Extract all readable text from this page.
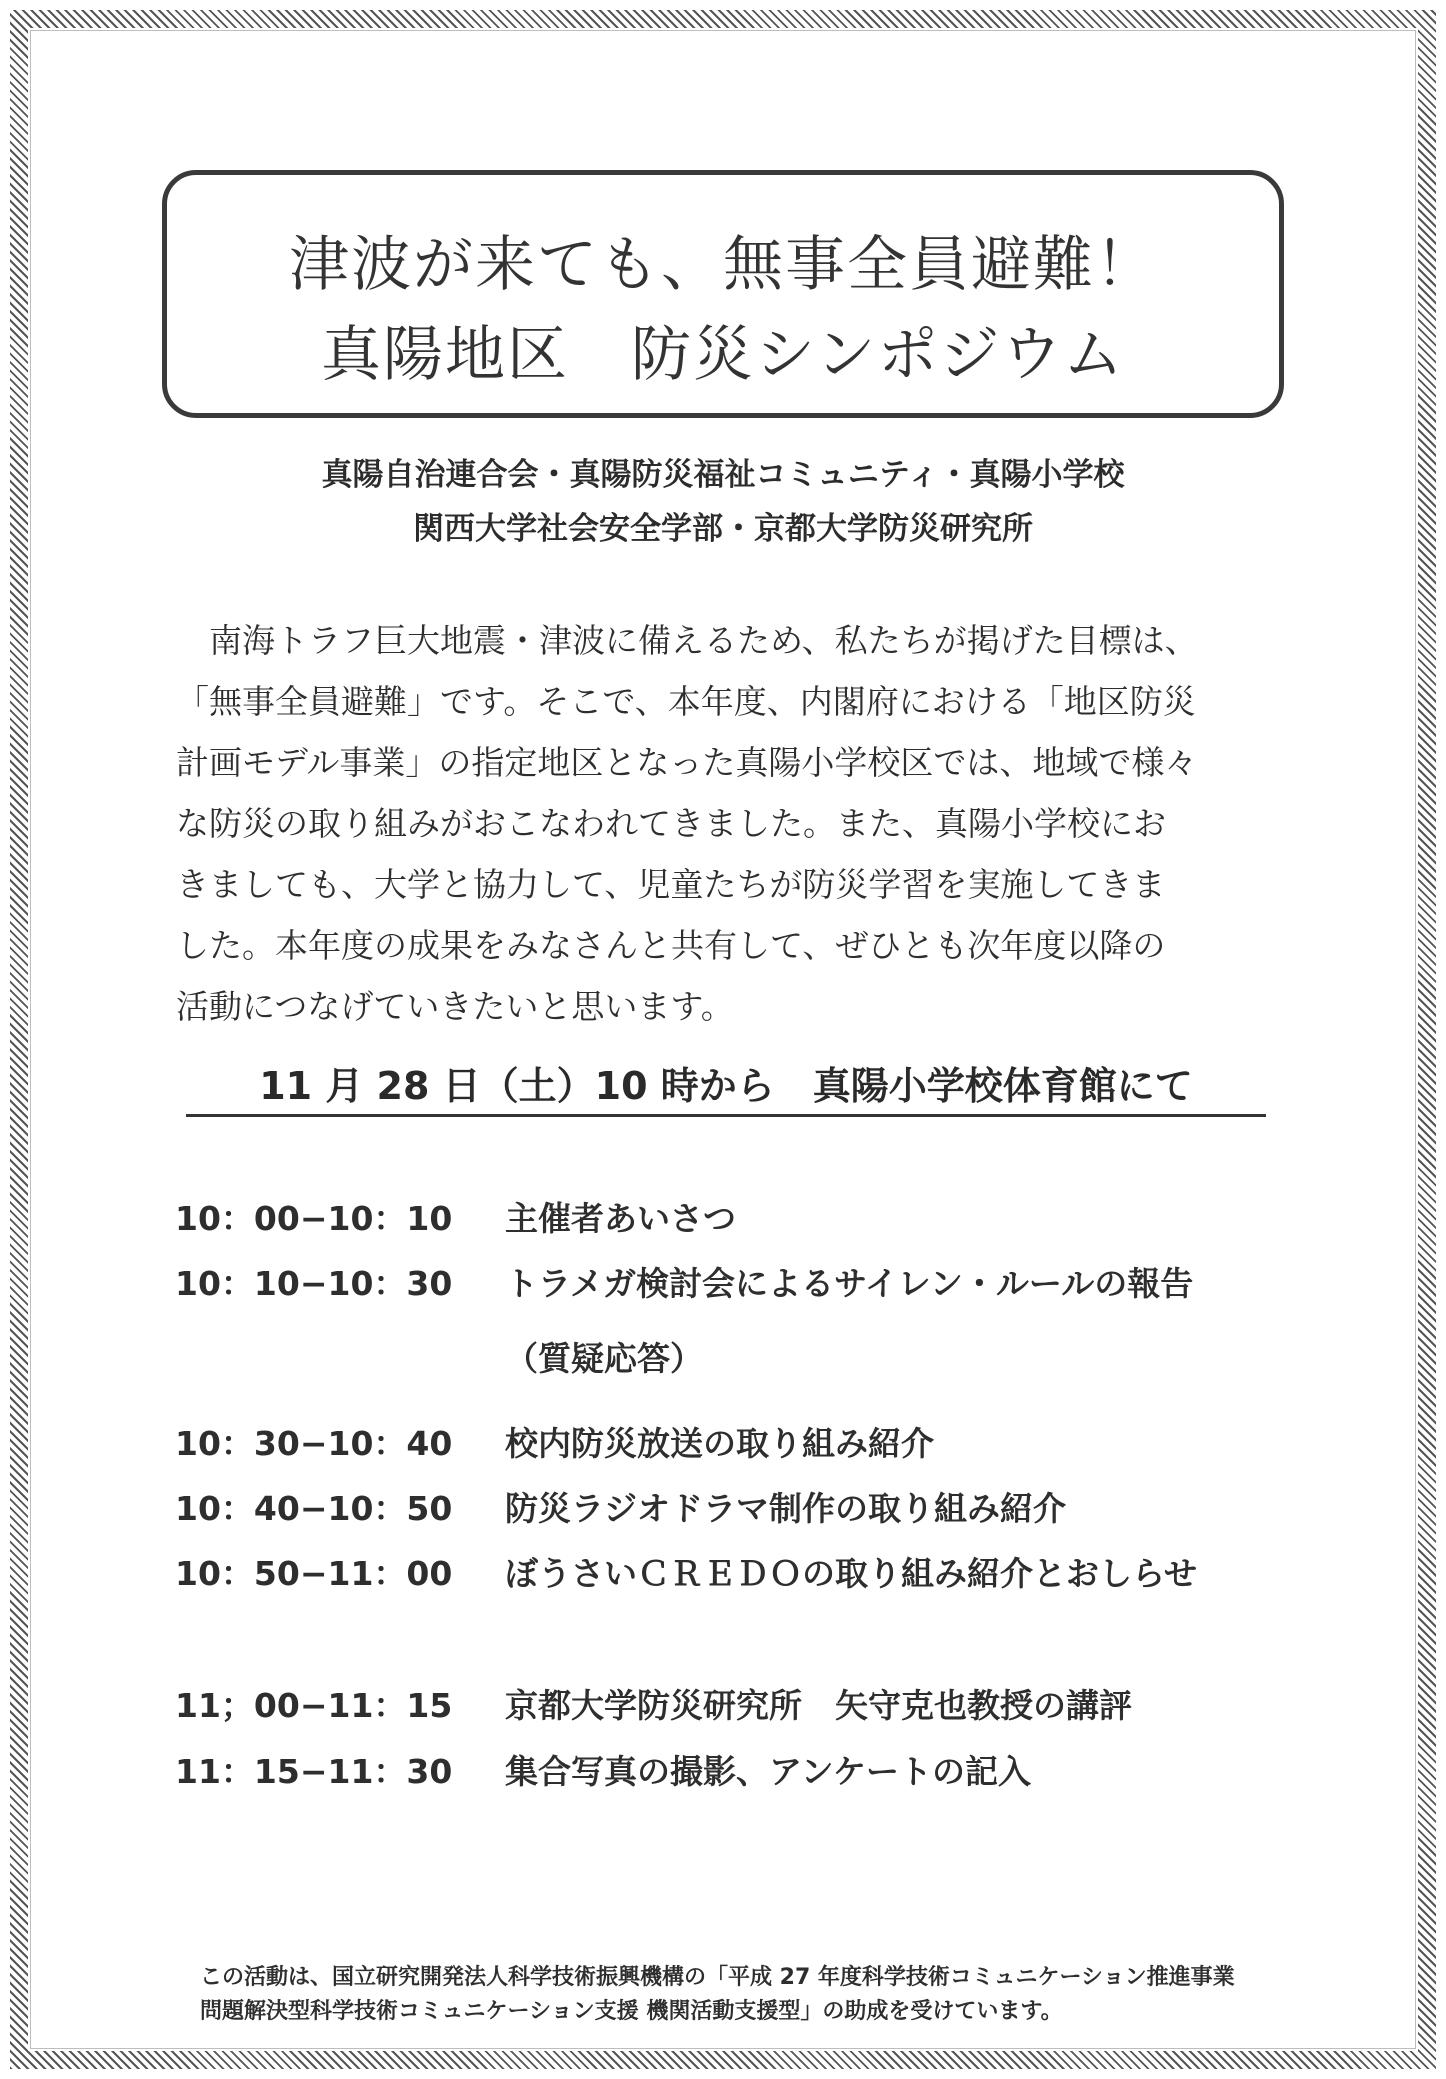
津波が来ても、無事全員避難！
真陽地区　防災シンポジウム
真陽自治連合会・真陽防災福祉コミュニティ・真陽小学校
関西大学社会安全学部・京都大学防災研究所
　南海トラフ巨大地震・津波に備えるため、私たちが掲げた目標は、
「無事全員避難」です。そこで、本年度、内閣府における「地区防災
計画モデル事業」の指定地区となった真陽小学校区では、地域で様々
な防災の取り組みがおこなわれてきました。また、真陽小学校にお
きましても、大学と協力して、児童たちが防災学習を実施してきま
した。本年度の成果をみなさんと共有して、ぜひとも次年度以降の
活動につなげていきたいと思います。
11 月 28 日（土）10 時から　真陽小学校体育館にて
10：00−10：10 主催者あいさつ
10：10−10：30 トラメガ検討会によるサイレン・ルールの報告
（質疑応答）
10：30−10：40 校内防災放送の取り組み紹介
10：40−10：50 防災ラジオドラマ制作の取り組み紹介
10：50−11：00 ぼうさいＣＲＥＤＯの取り組み紹介とおしらせ
11；00−11：15 京都大学防災研究所　矢守克也教授の講評
11：15−11：30 集合写真の撮影、アンケートの記入
この活動は、国立研究開発法人科学技術振興機構の「平成 27 年度科学技術コミュニケーション推進事業
問題解決型科学技術コミュニケーション支援 機関活動支援型」の助成を受けています。
